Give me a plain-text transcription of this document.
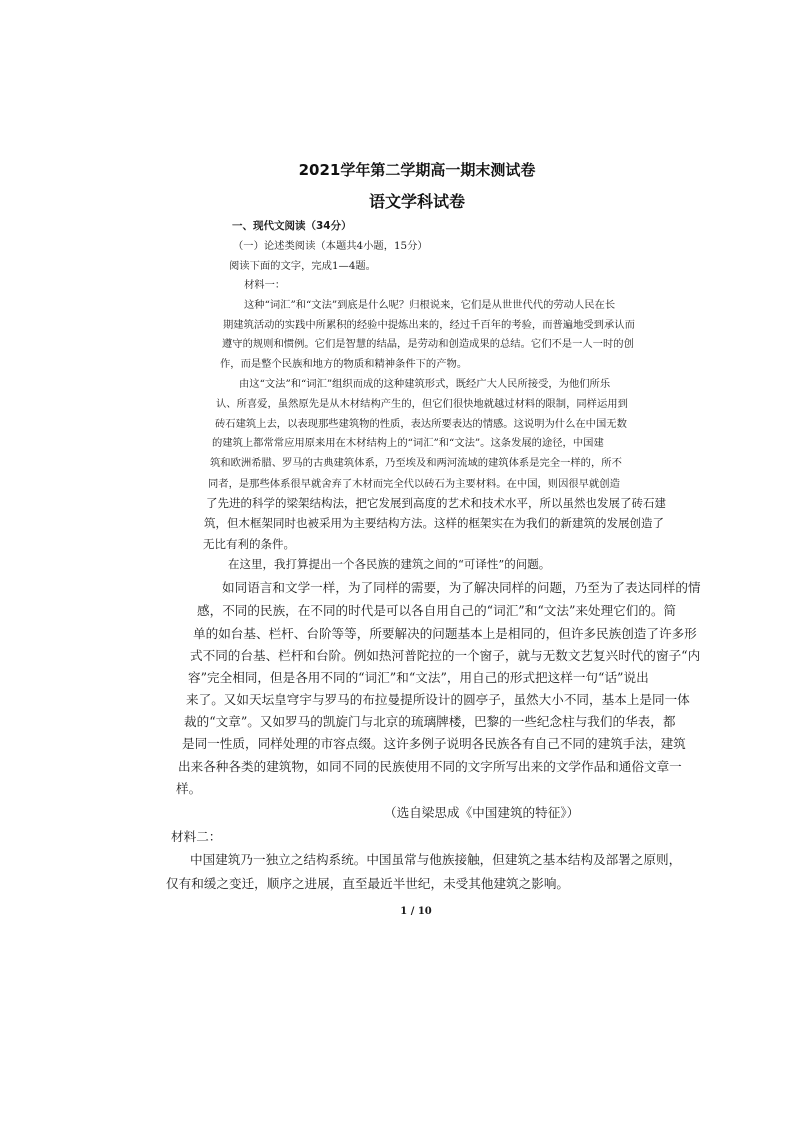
2021学年第二学期高一期末测试卷
语文学科试卷
一、现代文阅读（34分）
（一）论述类阅读（本题共4小题，15分）
阅读下面的文字，完成1—4题。
材料一：
这种“词汇”和“文法”到底是什么呢？归根说来，它们是从世世代代的劳动人民在长
期建筑活动的实践中所累积的经验中提炼出来的，经过千百年的考验，而普遍地受到承认而
遵守的规则和惯例。它们是智慧的结晶，是劳动和创造成果的总结。它们不是一人一时的创
作，而是整个民族和地方的物质和精神条件下的产物。
由这“文法”和“词汇”组织而成的这种建筑形式，既经广大人民所接受，为他们所乐
认、所喜爱，虽然原先是从木材结构产生的，但它们很快地就越过材料的限制，同样运用到
砖石建筑上去，以表现那些建筑物的性质，表达所要表达的情感。这说明为什么在中国无数
的建筑上都常常应用原来用在木材结构上的“词汇”和“文法”。这条发展的途径，中国建
筑和欧洲希腊、罗马的古典建筑体系，乃至埃及和两河流域的建筑体系是完全一样的，所不
同者，是那些体系很早就舍弃了木材而完全代以砖石为主要材料。在中国，则因很早就创造
了先进的科学的梁架结构法，把它发展到高度的艺术和技术水平，所以虽然也发展了砖石建
筑，但木框架同时也被采用为主要结构方法。这样的框架实在为我们的新建筑的发展创造了
无比有利的条件。
在这里，我打算提出一个各民族的建筑之间的“可译性”的问题。
如同语言和文学一样，为了同样的需要，为了解决同样的问题，乃至为了表达同样的情
感，不同的民族，在不同的时代是可以各自用自己的“词汇”和“文法”来处理它们的。简
单的如台基、栏杆、台阶等等，所要解决的问题基本上是相同的，但许多民族创造了许多形
式不同的台基、栏杆和台阶。例如热河普陀拉的一个窗子，就与无数文艺复兴时代的窗子“内
容”完全相同，但是各用不同的“词汇”和“文法”，用自己的形式把这样一句“话”说出
来了。又如天坛皇穹宇与罗马的布拉曼提所设计的圆亭子，虽然大小不同，基本上是同一体
裁的“文章”。又如罗马的凯旋门与北京的琉璃牌楼，巴黎的一些纪念柱与我们的华表，都
是同一性质，同样处理的市容点缀。这许多例子说明各民族各有自己不同的建筑手法，建筑
出来各种各类的建筑物，如同不同的民族使用不同的文字所写出来的文学作品和通俗文章一
样。
（选自梁思成《中国建筑的特征》）
材料二：
中国建筑乃一独立之结构系统。中国虽常与他族接触，但建筑之基本结构及部署之原则，
仅有和缓之变迁，顺序之进展，直至最近半世纪，未受其他建筑之影响。
1 / 10
